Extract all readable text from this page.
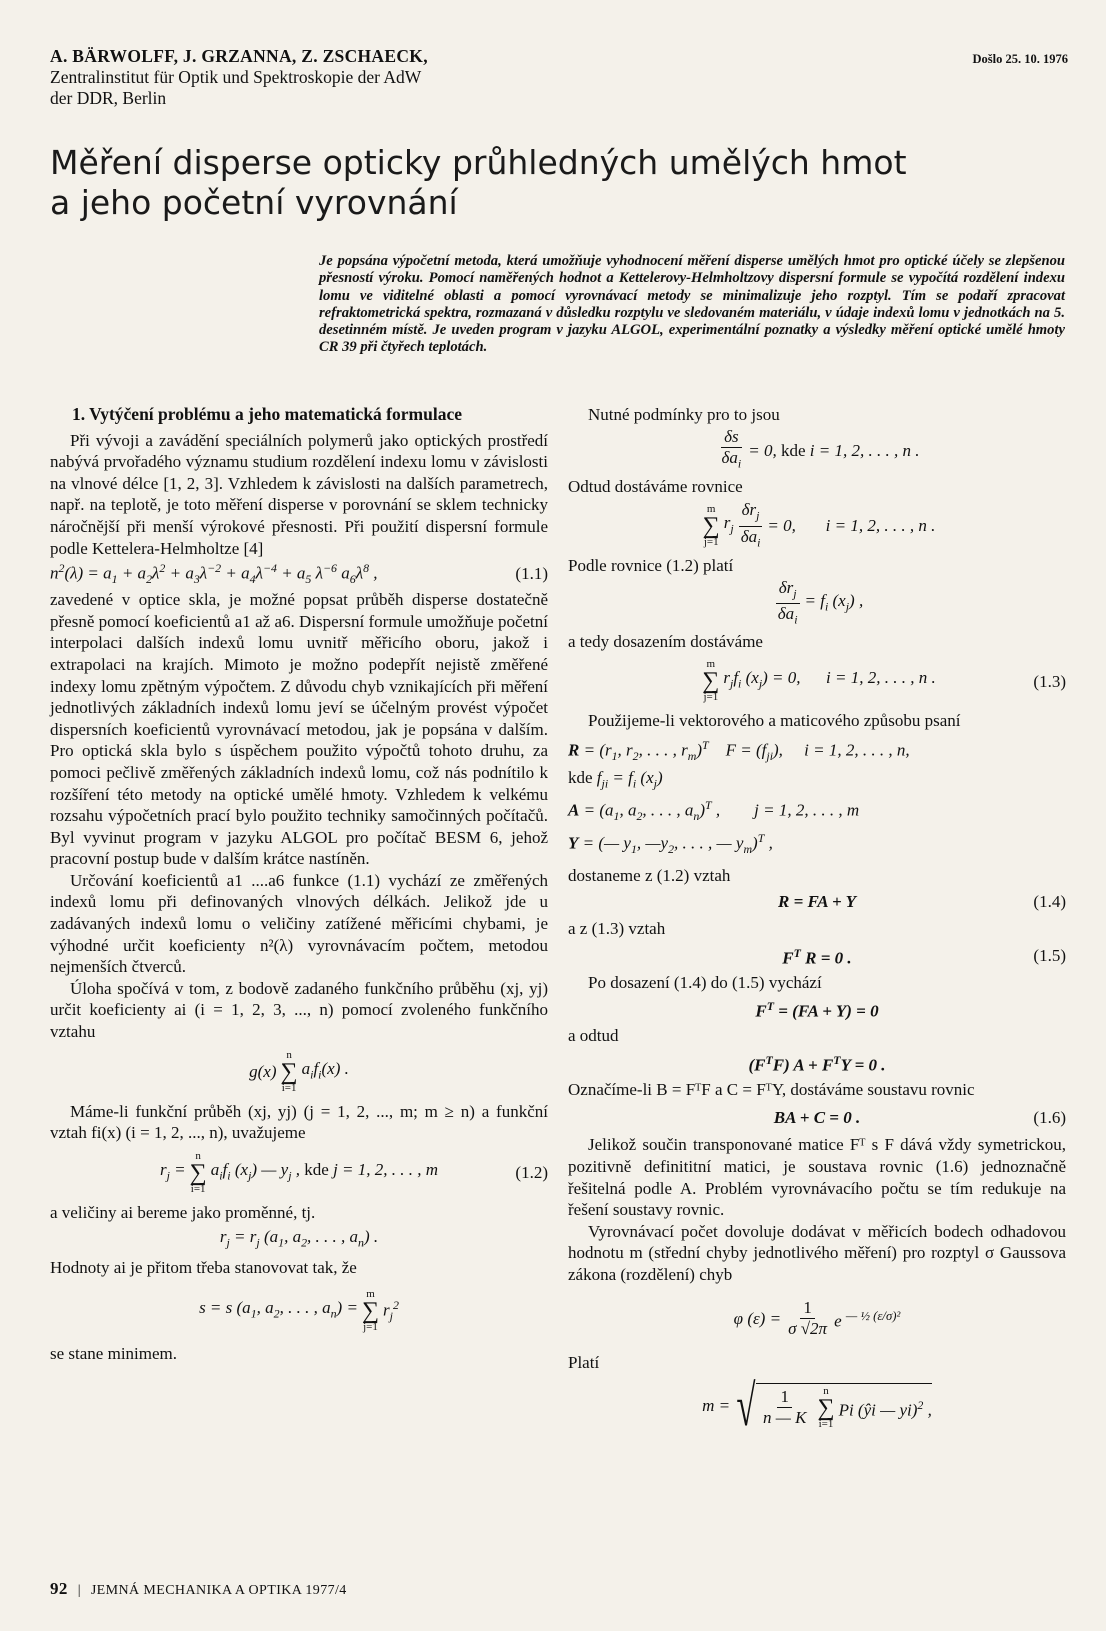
A. BÄRWOLFF, J. GRZANNA, Z. ZSCHAECK,
Zentralinstitut für Optik und Spektroskopie der AdW
der DDR, Berlin
Došlo 25. 10. 1976
Měření disperse opticky průhledných umělých hmot
a jeho početní vyrovnání
Je popsána výpočetní metoda, která umožňuje vyhodnocení měření disperse umělých hmot pro optické účely se zlepšenou přesností výroku. Pomocí naměřených hodnot a Kettelerovy-Helmholtzovy dispersní formule se vypočítá rozdělení indexu lomu ve viditelné oblasti a pomocí vyrovnávací metody se minimalizuje jeho rozptyl. Tím se podaří zpracovat refraktometrická spektra, rozmazaná v důsledku rozptylu ve sledovaném materiálu, v údaje indexů lomu v jednotkách na 5. desetinném místě. Je uveden program v jazyku ALGOL, experimentální poznatky a výsledky měření optické umělé hmoty CR 39 při čtyřech teplotách.

1. Vytýčení problému a jeho matematická formulace

Při vývoji a zavádění speciálních polymerů jako optických prostředí nabývá prvořadého významu studium rozdělení indexu lomu v závislosti na vlnové délce [1, 2, 3]. Vzhledem k závislosti na dalších parametrech, např. na teplotě, je toto měření disperse v porovnání se sklem technicky náročnější při menší výrokové přesnosti. Při použití dispersní formule podle Kettelera-Helmholtze [4]

$n^2(\lambda) = a_1 + a_2\lambda^2 + a_3\lambda^{-2} + a_4\lambda^{-4} + a_5$ $\lambda^{-6}$ $a_6\lambda^8$ ,	(1.1)

zavedené v optice skla, je možné popsat průběh disperse dostatečně přesně pomocí koeficientů a1 až a6. Dispersní formule umožňuje početní interpolaci dalších indexů lomu uvnitř měřicího oboru, jakož i extrapolaci na krajích. Mimoto je možno podepřít nejistě změřené indexy lomu zpětným výpočtem. Z důvodu chyb vznikajících při měření jednotlivých základních indexů lomu jeví se účelným provést výpočet dispersních koeficientů vyrovnávací metodou, jak je popsána v dalším. Pro optická skla bylo s úspěchem použito výpočtů tohoto druhu, za pomoci pečlivě změřených základních indexů lomu, což nás podnítilo k rozšíření této metody na optické umělé hmoty. Vzhledem k velkému rozsahu výpočetních prací bylo použito techniky samočinných počítačů. Byl vyvinut program v jazyku ALGOL pro počítač BESM 6, jehož pracovní postup bude v dalším krátce nastíněn.

Určování koeficientů a1 ....a6 funkce (1.1) vychází ze změřených indexů lomu při definovaných vlnových délkách. Jelikož jde u zadávaných indexů lomu o veličiny zatížené měřicími chybami, je výhodné určit koeficienty n²(λ) vyrovnávacím počtem, metodou nejmenších čtverců.

Úloha spočívá v tom, z bodově zadaného funkčního průběhu (xj, yj) určit koeficienty ai (i = 1, 2, 3, ..., n) pomocí zvoleného funkčního vztahu

g(x)
n
∑
i=1
$a_if_i(x)$ .

Máme-li funkční průběh (xj, yj) (j = 1, 2, ..., m; m ≥ n) a funkční vztah fi(x) (i = 1, 2, ..., n), uvažujeme

$r_j$ =
n
∑
i=1
$a_if_i$ $(x_j)$ — $y_j$ , kde j = 1, 2, . . . , m	(1.2)

a veličiny ai bereme jako proměnné, tj.

$r_j = r_j$ ($a_1$, $a_2$, . . . , $a_n$) .

Hodnoty ai je přitom třeba stanovovat tak, že

s = s ($a_1$, $a_2$, . . . , $a_n$) =
m
∑
j=1
$r_j^2$

se stane minimem.

Nutné podmínky pro to jsou

$\frac{\delta s}{\delta a_i} = 0$, kde i = 1, 2, . . . , n .

Odtud dostáváme rovnice

m
∑
j=1
$r_j \frac{\delta r_j}{\delta a_i} = 0$,       i = 1, 2, . . . , n .

Podle rovnice (1.2) platí

$\frac{\delta r_j}{\delta a_i} = f_i$ $(x_j)$ ,

a tedy dosazením dostáváme

m
∑
j=1
$r_jf_i$ $(x_j) = 0$,      i = 1, 2, . . . , n .	(1.3)

Použijeme-li vektorového a maticového způsobu psaní

$R = (r_1$, $r_2$, . . . , $r_m)^T$    $F = (f_{ji})$,     i = 1, 2, . . . , n,
kde $f_{ji} = f_i$ $(x_j)$
$A = (a_1$, $a_2$, . . . , $a_n)^T$ ,        j = 1, 2, . . . , m
Y = (— $y_1$, $—y_2$, . . . , — $y_m)^T$ ,

dostaneme z (1.2) vztah

R = FA + Y	(1.4)

a z (1.3) vztah

$F^T$ R = 0 .	(1.5)

Po dosazení (1.4) do (1.5) vychází

$F^T = (FA + Y) = 0$

a odtud

$(F^TF) A + F^TY = 0$ .

Označíme-li B = FᵀF a C = FᵀY, dostáváme soustavu rovnic

BA + C = 0 .	(1.6)

Jelikož součin transponované matice Fᵀ s F dává vždy symetrickou, pozitivně definititní matici, je soustava rovnic (1.6) jednoznačně řešitelná podle A. Problém vyrovnávacího počtu se tím redukuje na řešení soustavy rovnic.

Vyrovnávací počet dovoluje dodávat v měřicích bodech odhadovou hodnotu m (střední chyby jednotlivého měření) pro rozptyl σ Gaussova zákona (rozdělení) chyb

φ $(\varepsilon) = \frac{1}{\sigma √2\pi}$ e $^{— \frac{1}{2} (\varepsilon/\sigma)^2}$

Platí

m = √ $\frac{1}{n — K}$ n
∑
i=1
Pi (ŷi — yi)$^2$ ,
92 | JEMNÁ MECHANIKA A OPTIKA 1977/4
